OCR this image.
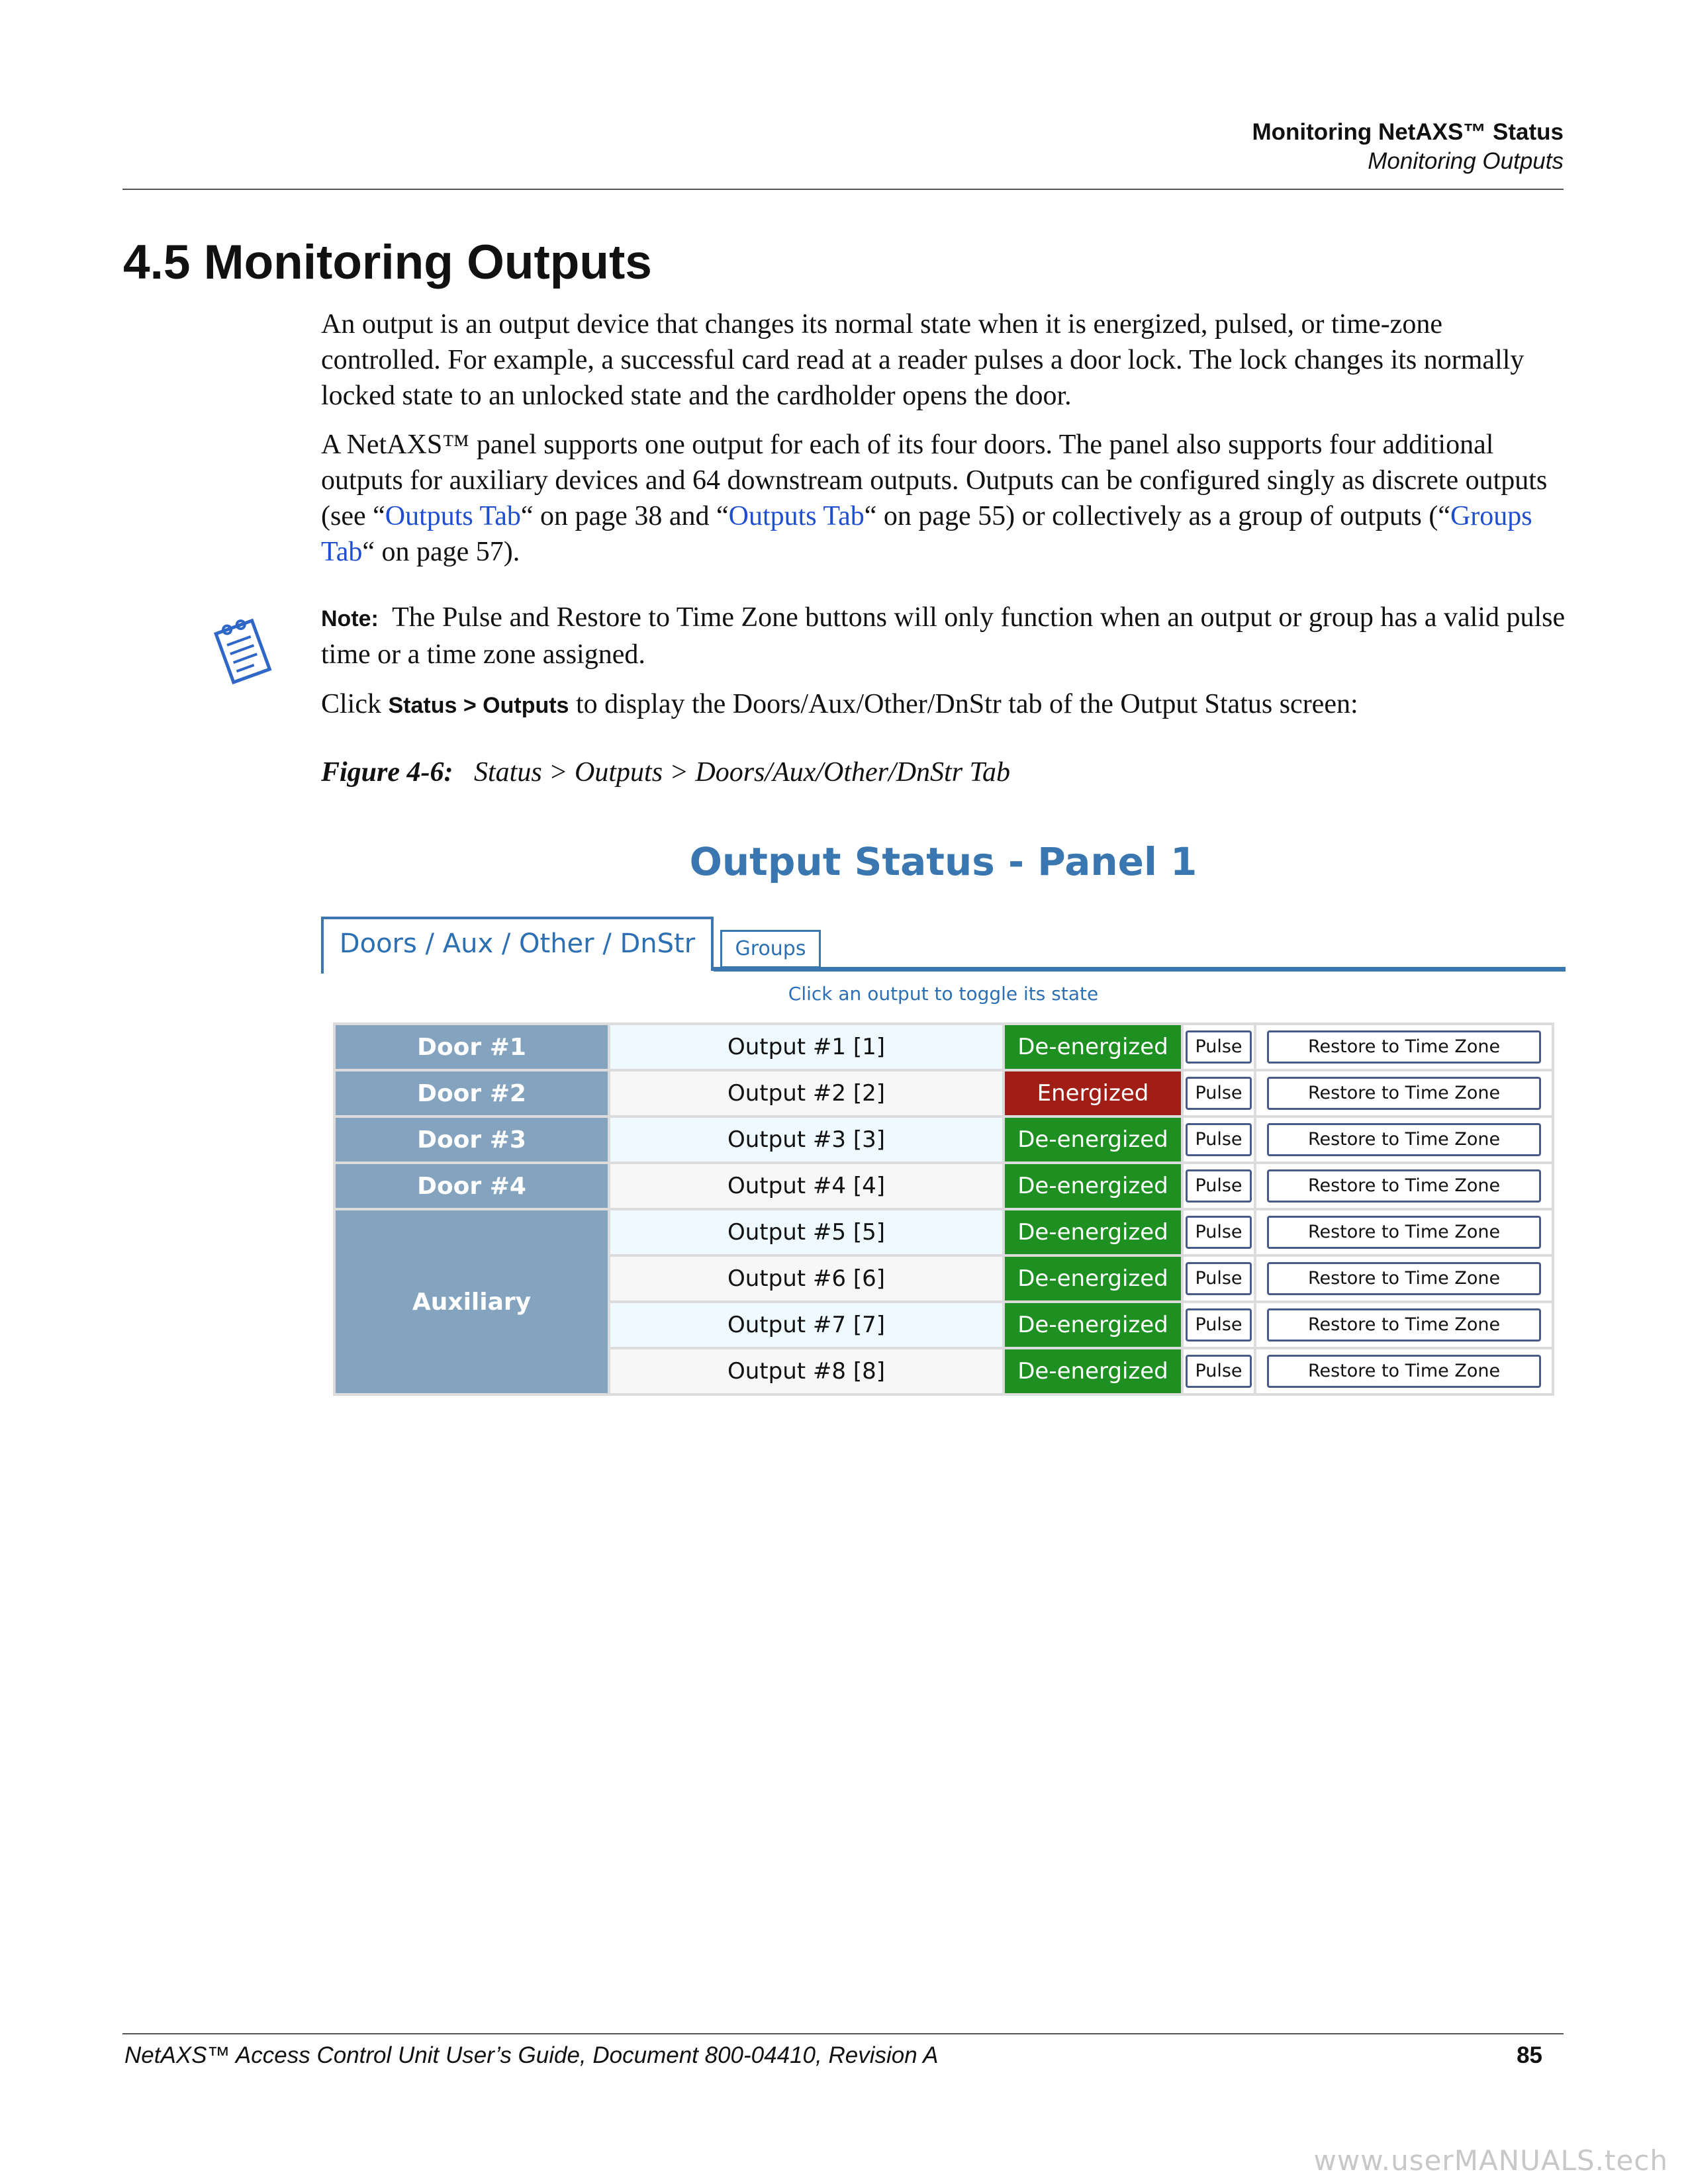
Monitoring NetAXS™ Status
Monitoring Outputs
4.5 Monitoring Outputs

An output is an output device that changes its normal state when it is energized, pulsed, or time-zone controlled. For example, a successful card read at a reader pulses a door lock. The lock changes its normally locked state to an unlocked state and the cardholder opens the door.

A NetAXS™ panel supports one output for each of its four doors. The panel also supports four additional outputs for auxiliary devices and 64 downstream outputs. Outputs can be configured singly as discrete outputs (see “Outputs Tab“ on page 38 and “Outputs Tab“ on page 55) or collectively as a group of outputs (“Groups Tab“ on page 57).

Note: The Pulse and Restore to Time Zone buttons will only function when an output or group has a valid pulse time or a time zone assigned.

Click Status > Outputs to display the Doors/Aux/Other/DnStr tab of the Output Status screen:

Figure 4-6: Status > Outputs > Doors/Aux/Other/DnStr Tab
Output Status - Panel 1
Doors / Aux / Other / DnStr	Groups
Click an output to toggle its state
Door #1	Output #1 [1]	De-energized	Pulse	Restore to Time Zone
Door #2	Output #2 [2]	Energized	Pulse	Restore to Time Zone
Door #3	Output #3 [3]	De-energized	Pulse	Restore to Time Zone
Door #4	Output #4 [4]	De-energized	Pulse	Restore to Time Zone
Auxiliary	Output #5 [5]	De-energized	Pulse	Restore to Time Zone
	Output #6 [6]	De-energized	Pulse	Restore to Time Zone
	Output #7 [7]	De-energized	Pulse	Restore to Time Zone
	Output #8 [8]	De-energized	Pulse	Restore to Time Zone
NetAXS™ Access Control Unit User’s Guide, Document 800-04410, Revision A	85
www.userMANUALS.tech
